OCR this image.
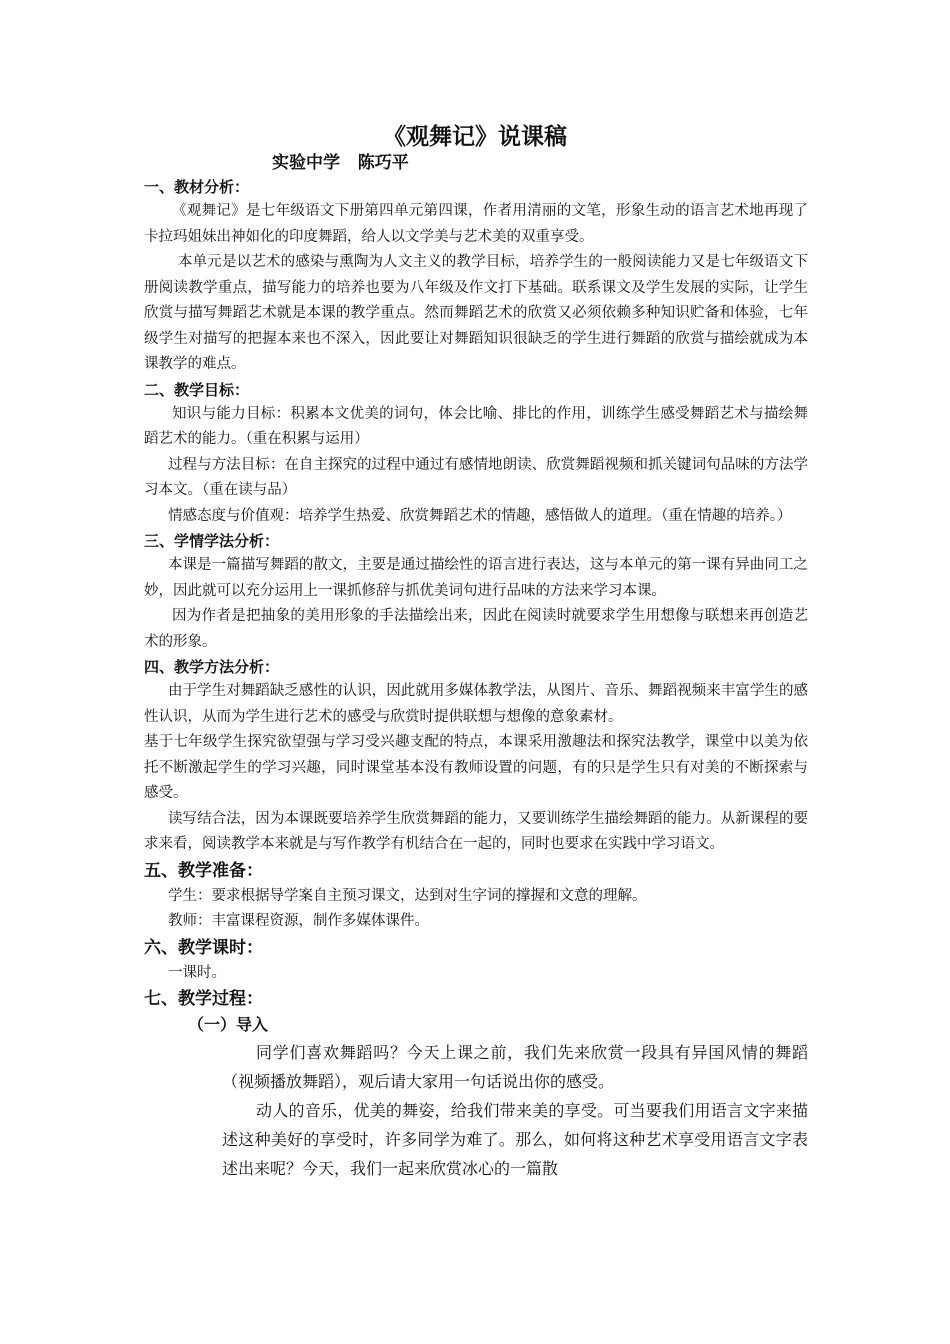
《观舞记》说课稿
实验中学   陈巧平
一、教材分析：

《观舞记》是七年级语文下册第四单元第四课，作者用清丽的文笔，形象生动的语言艺术地再现了卡拉玛姐妹出神如化的印度舞蹈，给人以文学美与艺术美的双重享受。

本单元是以艺术的感染与熏陶为人文主义的教学目标，培养学生的一般阅读能力又是七年级语文下册阅读教学重点，描写能力的培养也要为八年级及作文打下基础。联系课文及学生发展的实际，让学生欣赏与描写舞蹈艺术就是本课的教学重点。然而舞蹈艺术的欣赏又必须依赖多种知识贮备和体验，七年级学生对描写的把握本来也不深入，因此要让对舞蹈知识很缺乏的学生进行舞蹈的欣赏与描绘就成为本课教学的难点。

二、教学目标：

知识与能力目标：积累本文优美的词句，体会比喻、排比的作用，训练学生感受舞蹈艺术与描绘舞蹈艺术的能力。（重在积累与运用）

过程与方法目标：在自主探究的过程中通过有感情地朗读、欣赏舞蹈视频和抓关键词句品味的方法学习本文。（重在读与品）

情感态度与价值观：培养学生热爱、欣赏舞蹈艺术的情趣，感悟做人的道理。（重在情趣的培养。）

三、学情学法分析：

本课是一篇描写舞蹈的散文，主要是通过描绘性的语言进行表达，这与本单元的第一课有异曲同工之妙，因此就可以充分运用上一课抓修辞与抓优美词句进行品味的方法来学习本课。

因为作者是把抽象的美用形象的手法描绘出来，因此在阅读时就要求学生用想像与联想来再创造艺术的形象。

四、教学方法分析：

由于学生对舞蹈缺乏感性的认识，因此就用多媒体教学法，从图片、音乐、舞蹈视频来丰富学生的感性认识，从而为学生进行艺术的感受与欣赏时提供联想与想像的意象素材。

基于七年级学生探究欲望强与学习受兴趣支配的特点，本课采用激趣法和探究法教学，课堂中以美为依托不断激起学生的学习兴趣，同时课堂基本没有教师设置的问题，有的只是学生只有对美的不断探索与感受。

读写结合法，因为本课既要培养学生欣赏舞蹈的能力，又要训练学生描绘舞蹈的能力。从新课程的要求来看，阅读教学本来就是与写作教学有机结合在一起的，同时也要求在实践中学习语文。

五、教学准备：

学生：要求根据导学案自主预习课文，达到对生字词的撑握和文意的理解。

教师：丰富课程资源，制作多媒体课件。

六、教学课时：

一课时。

七、教学过程：
（一）导入

同学们喜欢舞蹈吗？今天上课之前，我们先来欣赏一段具有异国风情的舞蹈（视频播放舞蹈），观后请大家用一句话说出你的感受。

动人的音乐，优美的舞姿，给我们带来美的享受。可当要我们用语言文字来描述这种美好的享受时，许多同学为难了。那么，如何将这种艺术享受用语言文字表述出来呢？今天，我们一起来欣赏冰心的一篇散
